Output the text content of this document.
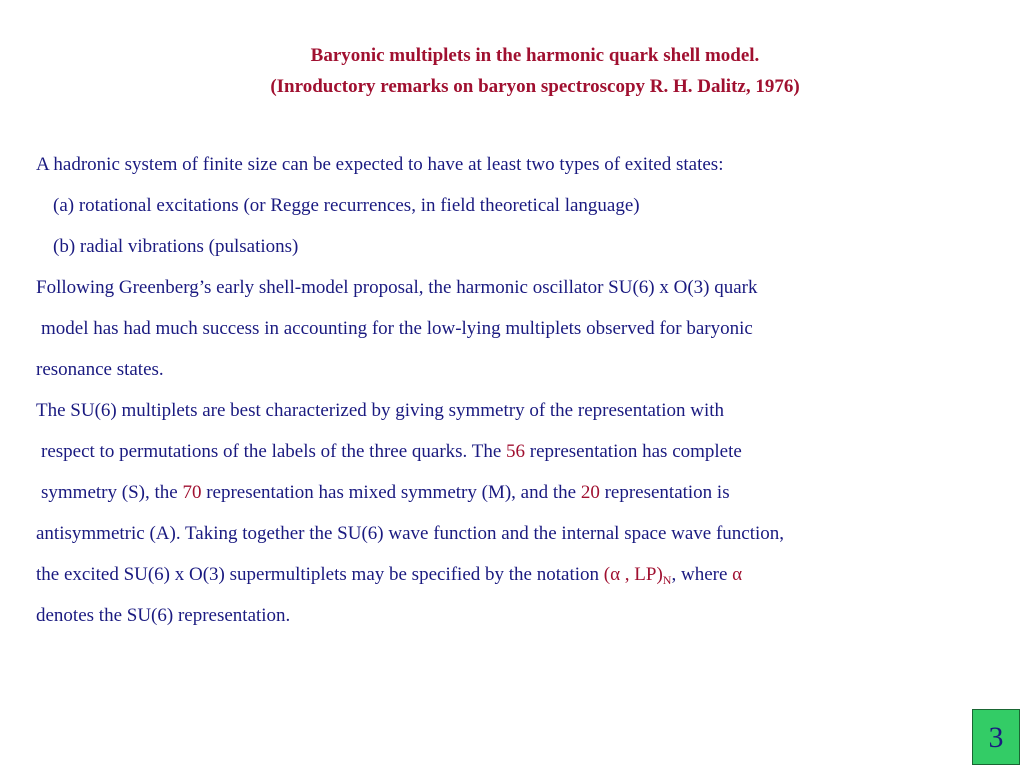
Baryonic multiplets in the harmonic quark shell model.
(Inroductory remarks on baryon spectroscopy R. H. Dalitz, 1976)
A hadronic system of finite size can be expected to have at least two types of exited states:
(a) rotational excitations (or Regge recurrences, in field theoretical language)
(b) radial vibrations (pulsations)
Following Greenberg’s early shell-model proposal, the harmonic oscillator SU(6) x O(3) quark
model has had much success in accounting for the low-lying multiplets observed for baryonic
resonance states.
The SU(6) multiplets are best characterized by giving symmetry of the representation with
respect to permutations of the labels of the three quarks. The 56 representation has complete
symmetry (S), the 70 representation has mixed symmetry (M), and the 20 representation is
antisymmetric (A). Taking together the SU(6) wave function and the internal space wave function,
the excited SU(6) x O(3) supermultiplets may be specified by the notation (α , $LP)_N$, where α
denotes the SU(6) representation.
3
